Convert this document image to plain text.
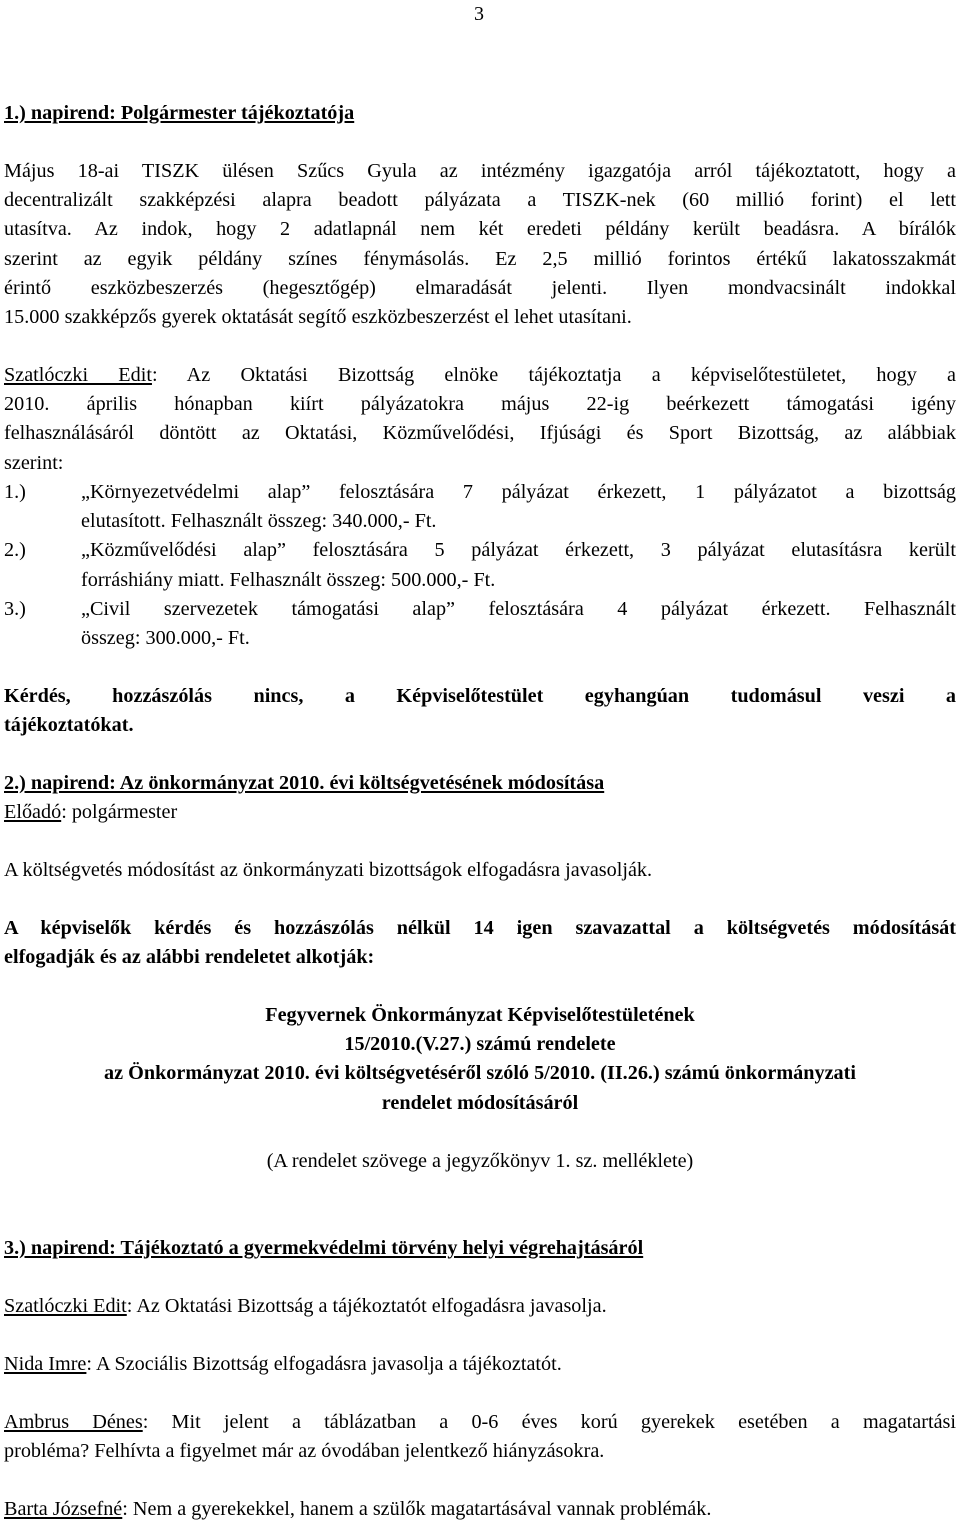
3
1.) napirend: Polgármester tájékoztatója
Május 18-ai TISZK ülésen Szűcs Gyula az intézmény igazgatója arról tájékoztatott, hogy a
decentralizált szakképzési alapra beadott pályázata a TISZK-nek (60 millió forint) el lett
utasítva. Az indok, hogy 2 adatlapnál nem két eredeti példány került beadásra. A bírálók
szerint az egyik példány színes fénymásolás. Ez 2,5 millió forintos értékű lakatosszakmát
érintő eszközbeszerzés (hegesztőgép) elmaradását jelenti. Ilyen mondvacsinált indokkal
15.000 szakképzős gyerek oktatását segítő eszközbeszerzést el lehet utasítani.
Szatlóczki Edit: Az Oktatási Bizottság elnöke tájékoztatja a képviselőtestületet, hogy a
2010. április hónapban kiírt pályázatokra május 22-ig beérkezett támogatási igény
felhasználásáról döntött az Oktatási, Közművelődési, Ifjúsági és Sport Bizottság, az alábbiak
szerint:
1.)	„Környezetvédelmi alap” felosztására 7 pályázat érkezett, 1 pályázatot a bizottság
elutasított. Felhasznált összeg: 340.000,- Ft.
2.)	„Közművelődési alap” felosztására 5 pályázat érkezett, 3 pályázat elutasításra került
forráshiány miatt. Felhasznált összeg: 500.000,- Ft.
3.)	„Civil szervezetek támogatási alap” felosztására 4 pályázat érkezett. Felhasznált
összeg: 300.000,- Ft.
Kérdés, hozzászólás nincs, a Képviselőtestület egyhangúan tudomásul veszi a
tájékoztatókat.
2.) napirend: Az önkormányzat 2010. évi költségvetésének módosítása
Előadó: polgármester
A költségvetés módosítást az önkormányzati bizottságok elfogadásra javasolják.
A képviselők kérdés és hozzászólás nélkül 14 igen szavazattal a költségvetés módosítását
elfogadják és az alábbi rendeletet alkotják:
Fegyvernek Önkormányzat Képviselőtestületének
15/2010.(V.27.) számú rendelete
az Önkormányzat 2010. évi költségvetéséről szóló 5/2010. (II.26.) számú önkormányzati
rendelet módosításáról
(A rendelet szövege a jegyzőkönyv 1. sz. melléklete)
3.) napirend: Tájékoztató a gyermekvédelmi törvény helyi végrehajtásáról
Szatlóczki Edit: Az Oktatási Bizottság a tájékoztatót elfogadásra javasolja.
Nida Imre: A Szociális Bizottság elfogadásra javasolja a tájékoztatót.
Ambrus Dénes: Mit jelent a táblázatban a 0-6 éves korú gyerekek esetében a magatartási
probléma? Felhívta a figyelmet már az óvodában jelentkező hiányzásokra.
Barta Józsefné: Nem a gyerekekkel, hanem a szülők magatartásával vannak problémák.
